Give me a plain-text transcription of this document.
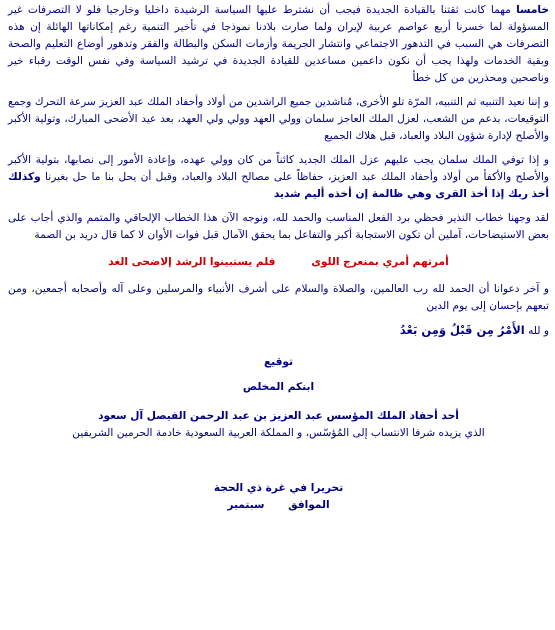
خامسا مهما كانت ثقتنا بالقيادة الجديدة فيجب أن نشترط عليها السياسة الرشيدة داخليا وخارجيا فلو لا التصرفات غير المسؤولة لما خسرنا أربع عواصم عربية لإيران ولما صارت بلادنا نموذجا في تأخير التنمية رغم إمكاناتها الهائلة إن هذه التصرفات هي السبب في التدهور الاجتماعي وانتشار الجريمة وأزمات السكن والبطالة والفقر وتدهور أوضاع التعليم والصحة وبقية الخدمات ولهذا يجب أن نكون داعمين مساعدين للقيادة الجديدة في ترشيد السياسة وفي نفس الوقت رقباء خير وناصحين ومحذرين من كل خطأ

و إننا نعيد التنبيه ثم التنبيه، المرّة تلو الأخرى، مُناشدين جميع الراشدين من أولاد وأحفاد الملك عبد العزيز سرعة التحرك وجمع التوقيعات، بدعم من الشعب، لعزل الملك العاجز سلمان وولي العهد وولي ولي العهد، بعد عيد الأضحى المبارك، وتولية الأكبر والأصلح لإدارة شؤون البلاد والعباد، قبل هلاك الجميع

و إذا توفي الملك سلمان يجب عليهم عزل الملك الجديد كائناً من كان وولي عهده، وإعادة الأمور إلى نصابها، بتولية الأكبر والأصلح والأكفأ من أولاد وأحفاد الملك عبد العزيز، حفاظاً على مصالح البلاد والعباد، وقبل أن يحل بنا ما حل بغيرنا وكذلك أخذ ربك إذا أخذ القرى وهي ظالمة إن أخذه أليم شديد

لقد وجهنا خطاب النذير فحظي برد الفعل المناسب والحمد لله، ونوجه الآن هذا الخطاب الإلحاقي والمتمم والذي أجاب على بعض الاستيضاحات، آملين أن تكون الاستجابة أكبر والتفاعل بما يحقق الآمال قبل فوات الأوان لا كما قال دريد بن الصمة

أمرتهم أمري بمنعرج اللوى فلم يستبينوا الرشد إلاضحى الغد

و آخر دعوانا أن الحمد لله رب العالمين، والصلاة والسلام على أشرف الأنبياء والمرسلين وعلى آله وأصحابه أجمعين، ومن تبعهم بإحسان إلى يوم الدين

و لله الأَمْرُ مِن قَبْلُ وَمِن بَعْدُ

توقيع
ابنكم المخلص
أحد أحفاد الملك المؤسس عبد العزيز بن عبد الرحمن الفيصل آل سعود
الذي يزيده شرفا الانتساب إلى المُؤسّس، و المملكة العربية السعودية خادمة الحرمين الشريفين
تحريرا في غرة ذي الحجة
الموافق سبتمبر
